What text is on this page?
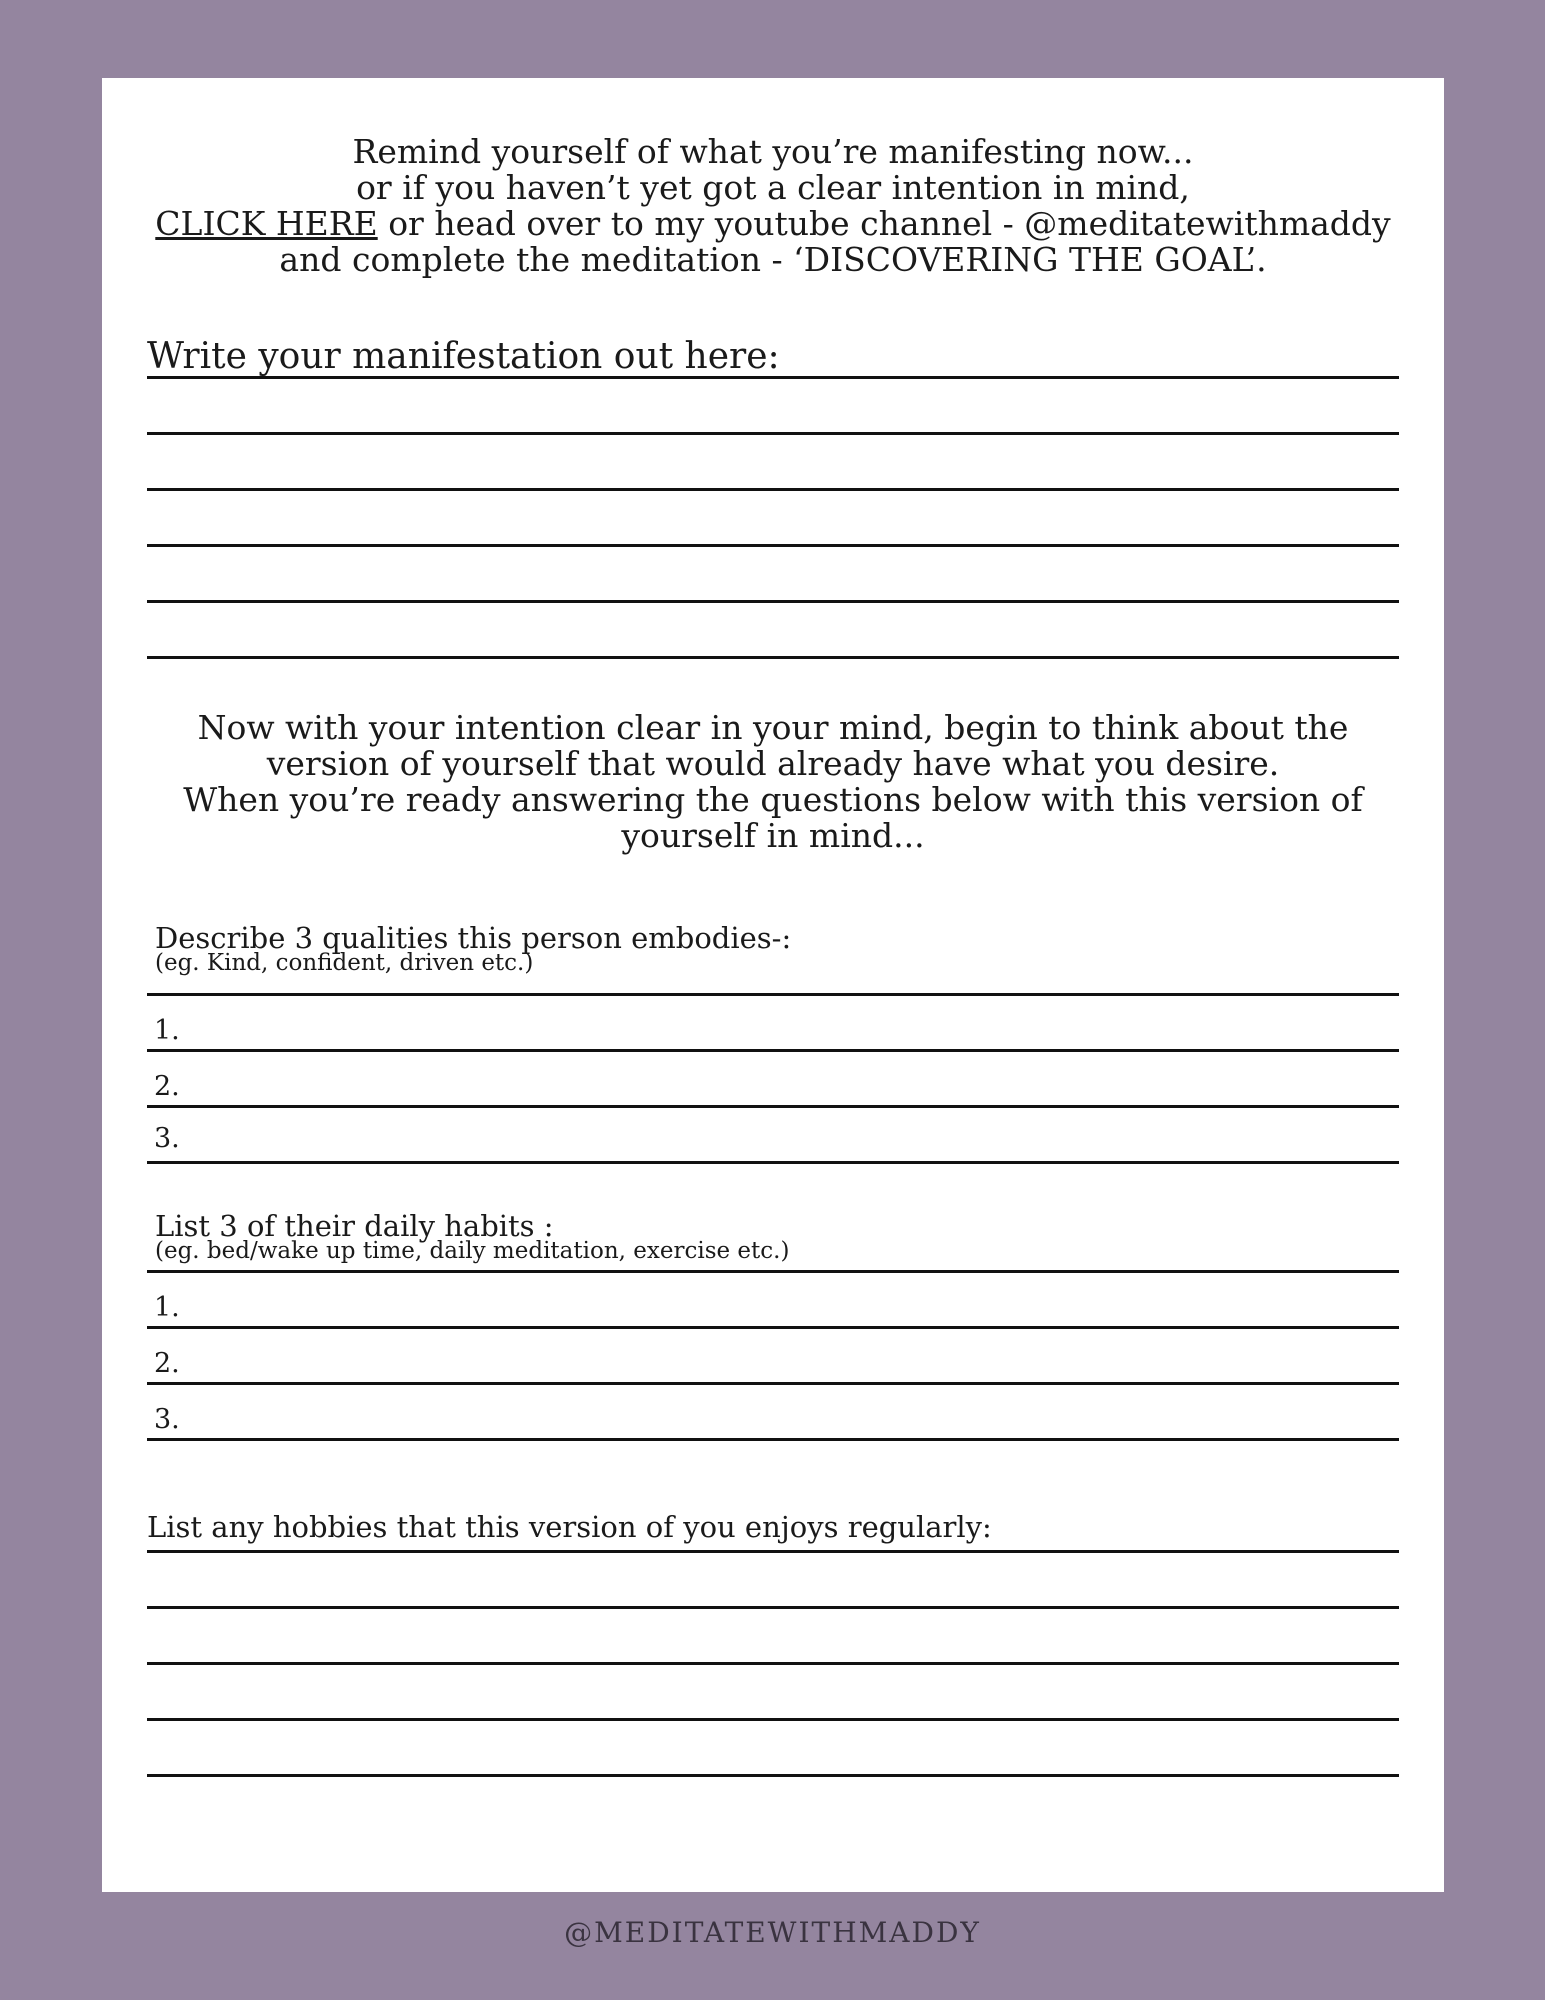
Remind yourself of what you’re manifesting now...
or if you haven’t yet got a clear intention in mind,
CLICK HERE or head over to my youtube channel - @meditatewithmaddy
and complete the meditation - ‘DISCOVERING THE GOAL’.
Write your manifestation out here:
Now with your intention clear in your mind, begin to think about the
version of yourself that would already have what you desire.
When you’re ready answering the questions below with this version of
yourself in mind...
Describe 3 qualities this person embodies-:
(eg. Kind, confident, driven etc.)
1.
2.
3.
List 3 of their daily habits :
(eg. bed/wake up time, daily meditation, exercise etc.)
1.
2.
3.
List any hobbies that this version of you enjoys regularly:
@MEDITATEWITHMADDY
